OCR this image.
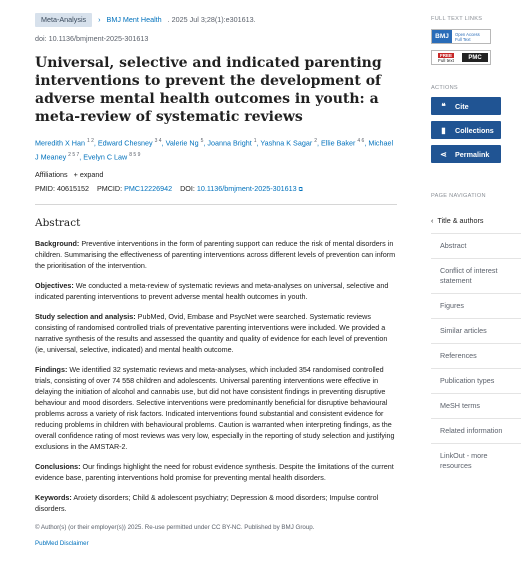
Meta-Analysis	› BMJ Ment Health . 2025 Jul 3;28(1):e301613.
doi: 10.1136/bmjment-2025-301613
Universal, selective and indicated parenting interventions to prevent the development of adverse mental health outcomes in youth: a meta-review of systematic reviews
Meredith X Han $^{1 2}$, Edward Chesney $^{3 4}$, Valerie Ng $^5$, Joanna Bright $^1$, Yashna K Sagar $^2$, Ellie Baker $^{4 6}$, Michael J Meaney $^{2 5 7}$, Evelyn C Law $^{8 5 9}$
Affiliations + expand
PMID: 40615152 PMCID: PMC12226942 DOI: 10.1136/bmjment-2025-301613 ⧉
Abstract

Background: Preventive interventions in the form of parenting support can reduce the risk of mental disorders in children. Summarising the effectiveness of parenting interventions across different levels of prevention can inform the prioritisation of the intervention.

Objectives: We conducted a meta-review of systematic reviews and meta-analyses on universal, selective and indicated parenting interventions to prevent adverse mental health outcomes in youth.

Study selection and analysis: PubMed, Ovid, Embase and PsycNet were searched. Systematic reviews consisting of randomised controlled trials of preventative parenting interventions were included. We provided a narrative synthesis of the results and assessed the quantity and quality of evidence for each level of prevention (ie, universal, selective, indicated) and mental health outcome.

Findings: We identified 32 systematic reviews and meta-analyses, which included 354 randomised controlled trials, consisting of over 74 558 children and adolescents. Universal parenting interventions were effective in delaying the initiation of alcohol and cannabis use, but did not have consistent findings in preventing disruptive behaviour and mood disorders. Selective interventions were predominantly beneficial for disruptive behavioural problems across a variety of risk factors. Indicated interventions found substantial and consistent evidence for reducing problems in children with behavioural problems. Caution is warranted when interpreting findings, as the overall confidence rating of most reviews was very low, especially in the reporting of study selection and justifying exclusions in the AMSTAR-2.

Conclusions: Our findings highlight the need for robust evidence synthesis. Despite the limitations of the current evidence base, parenting interventions hold promise for preventing mental health disorders.

Keywords: Anxiety disorders; Child & adolescent psychiatry; Depression & mood disorders; Impulse control disorders.

© Author(s) (or their employer(s)) 2025. Re-use permitted under CC BY-NC. Published by BMJ Group.
PubMed Disclaimer
FULL TEXT LINKS
BMJ	Open Access
Full Text
FREE
Full text	PMC
ACTIONS
❝	Cite
▮	Collections
⋖ Permalink
PAGE NAVIGATION
‹ Title & authors
Abstract
Conflict of interest statement
Figures
Similar articles
References
Publication types
MeSH terms
Related information
LinkOut - more resources
